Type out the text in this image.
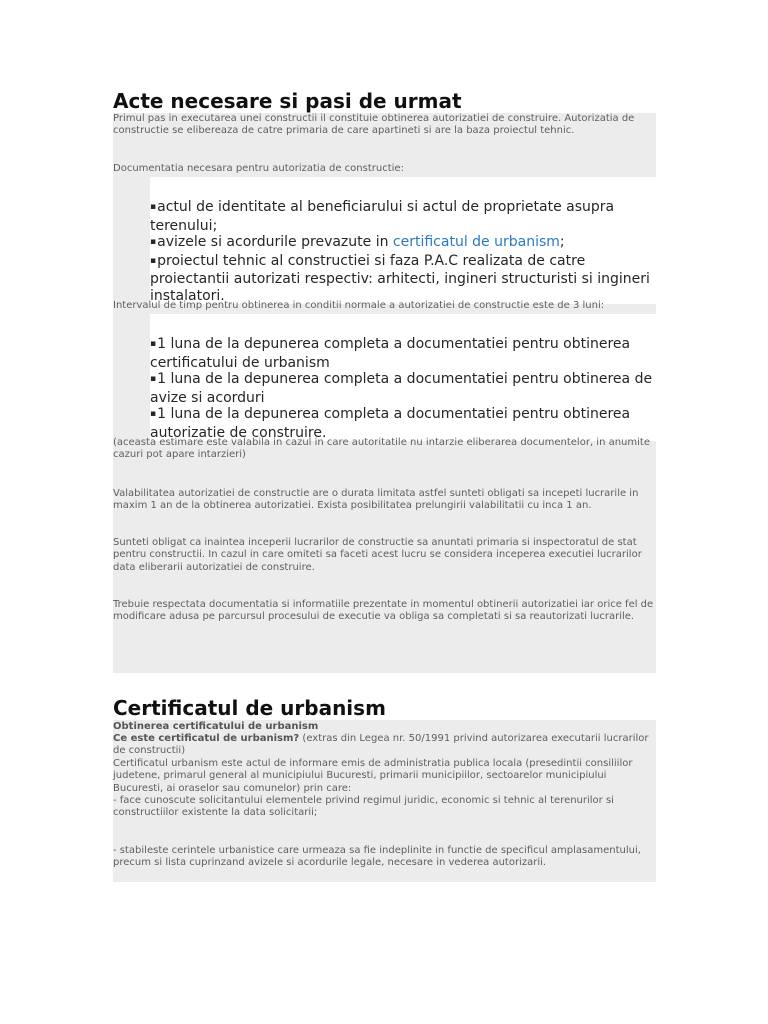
Acte necesare si pasi de urmat

Primul pas in executarea unei constructii il constituie obtinerea autorizatiei de construire. Autorizatia de constructie se elibereaza de catre primaria de care apartineti si are la baza proiectul tehnic.

Documentatia necesara pentru autorizatia de constructie:

▪actul de identitate al beneficiarului si actul de proprietate asupra terenului;
▪avizele si acordurile prevazute in certificatul de urbanism;
▪proiectul tehnic al constructiei si faza P.A.C realizata de catre proiectantii autorizati respectiv: arhitecti, ingineri structuristi si ingineri instalatori.

Intervalul de timp pentru obtinerea in conditii normale a autorizatiei de constructie este de 3 luni:

▪1 luna de la depunerea completa a documentatiei pentru obtinerea certificatului de urbanism
▪1 luna de la depunerea completa a documentatiei pentru obtinerea de avize si acorduri
▪1 luna de la depunerea completa a documentatiei pentru obtinerea autorizatie de construire.

(aceasta estimare este valabila in cazul in care autoritatile nu intarzie eliberarea documentelor, in anumite cazuri pot apare intarzieri)

Valabilitatea autorizatiei de constructie are o durata limitata astfel sunteti obligati sa incepeti lucrarile in maxim 1 an de la obtinerea autorizatiei. Exista posibilitatea prelungirii valabilitatii cu inca 1 an.

Sunteti obligat ca inaintea inceperii lucrarilor de constructie sa anuntati primaria si inspectoratul de stat pentru constructii. In cazul in care omiteti sa faceti acest lucru se considera inceperea executiei lucrarilor data eliberarii autorizatiei de construire.

Trebuie respectata documentatia si informatiile prezentate in momentul obtinerii autorizatiei iar orice fel de modificare adusa pe parcursul procesului de executie va obliga sa completati si sa reautorizati lucrarile.

Certificatul de urbanism

Obtinerea certificatului de urbanism

Ce este certificatul de urbanism? (extras din Legea nr. 50/1991 privind autorizarea executarii lucrarilor de constructii)

Certificatul urbanism este actul de informare emis de administratia publica locala (presedintii consiliilor judetene, primarul general al municipiului Bucuresti, primarii municipiilor, sectoarelor municipiului Bucuresti, ai oraselor sau comunelor) prin care:

- face cunoscute solicitantului elementele privind regimul juridic, economic si tehnic al terenurilor si constructiilor existente la data solicitarii;

- stabileste cerintele urbanistice care urmeaza sa fie indeplinite in functie de specificul amplasamentului, precum si lista cuprinzand avizele si acordurile legale, necesare in vederea autorizarii.
